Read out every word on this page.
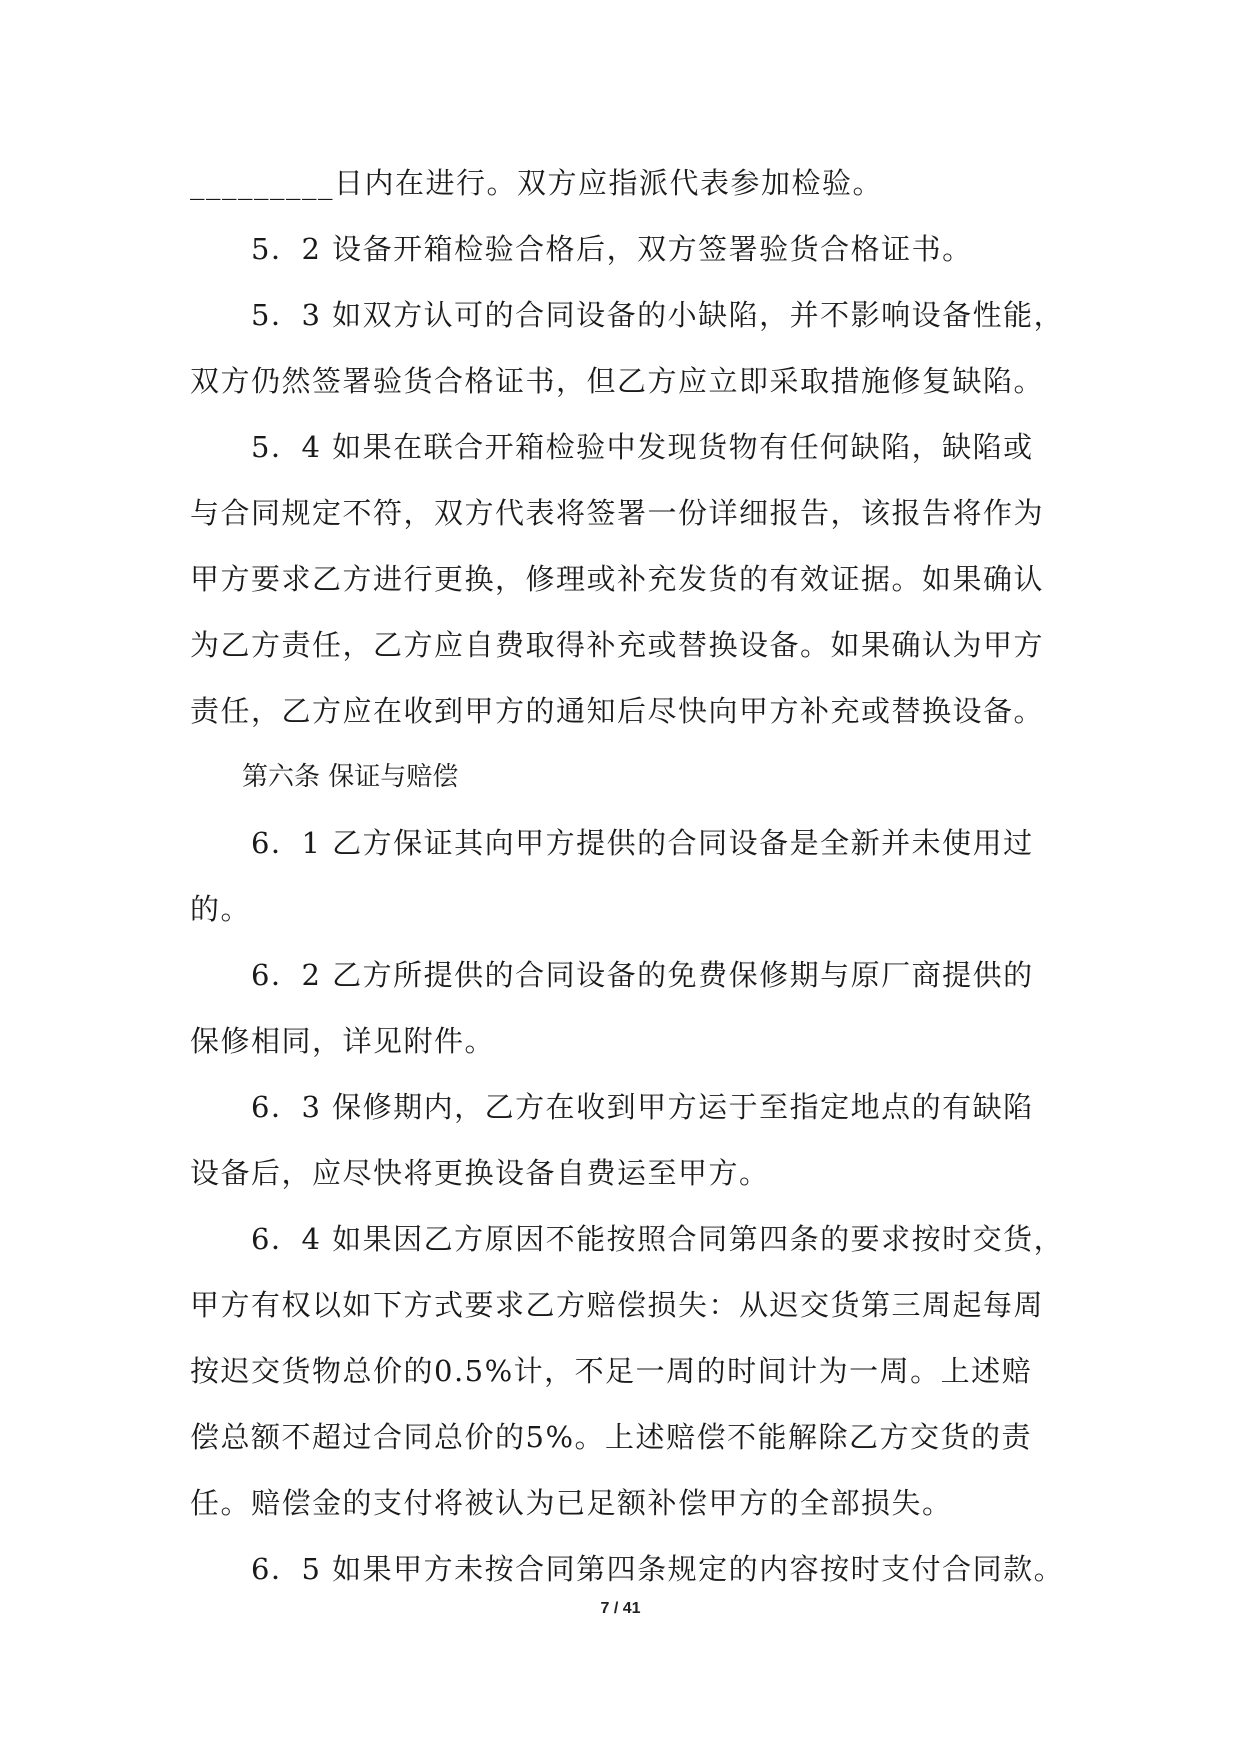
_________日内在进行。双方应指派代表参加检验。
　　5．2 设备开箱检验合格后，双方签署验货合格证书。
　　5．3 如双方认可的合同设备的小缺陷，并不影响设备性能，
双方仍然签署验货合格证书，但乙方应立即采取措施修复缺陷。
　　5．4 如果在联合开箱检验中发现货物有任何缺陷，缺陷或
与合同规定不符，双方代表将签署一份详细报告，该报告将作为
甲方要求乙方进行更换，修理或补充发货的有效证据。如果确认
为乙方责任，乙方应自费取得补充或替换设备。如果确认为甲方
责任，乙方应在收到甲方的通知后尽快向甲方补充或替换设备。
　　第六条 保证与赔偿
　　6．1 乙方保证其向甲方提供的合同设备是全新并未使用过
的。
　　6．2 乙方所提供的合同设备的免费保修期与原厂商提供的
保修相同，详见附件。
　　6．3 保修期内，乙方在收到甲方运于至指定地点的有缺陷
设备后，应尽快将更换设备自费运至甲方。
　　6．4 如果因乙方原因不能按照合同第四条的要求按时交货，
甲方有权以如下方式要求乙方赔偿损失：从迟交货第三周起每周
按迟交货物总价的0.5%计，不足一周的时间计为一周。上述赔
偿总额不超过合同总价的5%。上述赔偿不能解除乙方交货的责
任。赔偿金的支付将被认为已足额补偿甲方的全部损失。
　　6．5 如果甲方未按合同第四条规定的内容按时支付合同款。
7 / 41
